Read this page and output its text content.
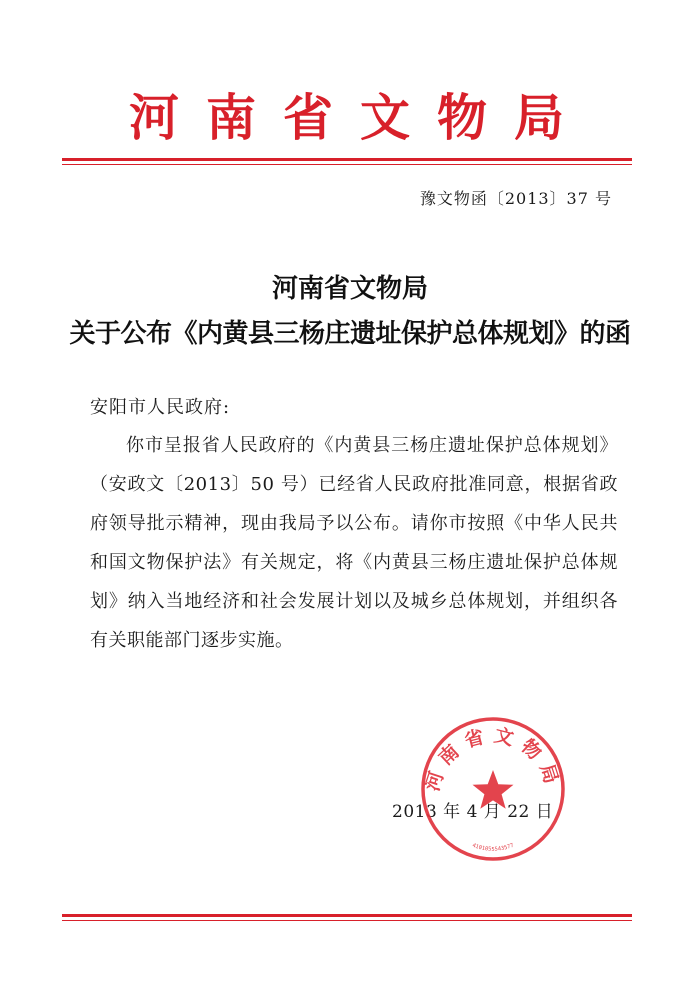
河南省文物局
豫文物函〔2013〕37 号
河南省文物局
关于公布《内黄县三杨庄遗址保护总体规划》的函
安阳市人民政府:
你市呈报省人民政府的《内黄县三杨庄遗址保护总体规划》（安政文〔2013〕50 号）已经省人民政府批准同意，根据省政府领导批示精神，现由我局予以公布。请你市按照《中华人民共和国文物保护法》有关规定，将《内黄县三杨庄遗址保护总体规划》纳入当地经济和社会发展计划以及城乡总体规划，并组织各有关职能部门逐步实施。
2013 年 4 月 22 日
河南省文物局
4101055543577
